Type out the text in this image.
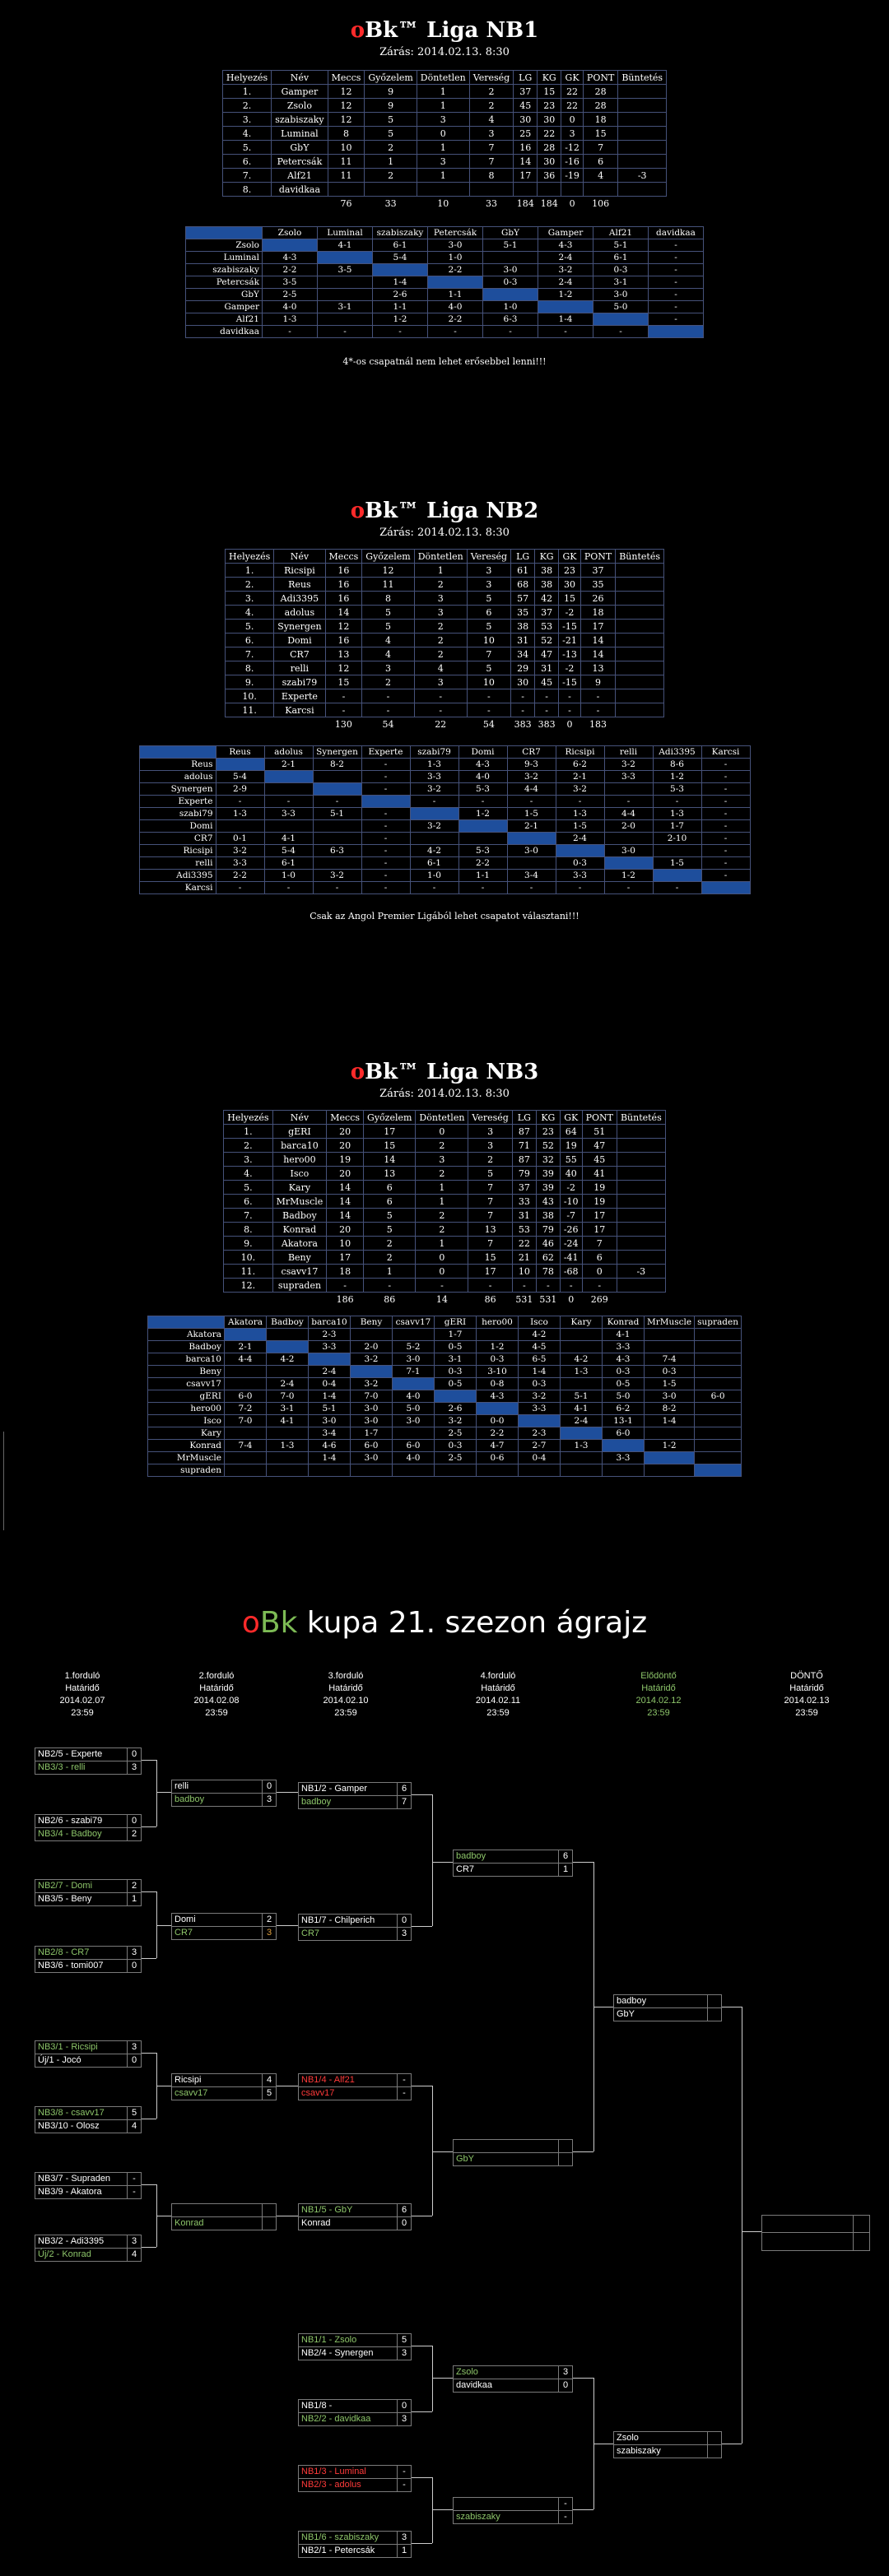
oBk™ Liga NB1
Zárás: 2014.02.13. 8:30
Helyezés	Név	Meccs	Győzelem	Döntetlen	Vereség	LG	KG	GK	PONT	Büntetés
1.	Gamper	12	9	1	2	37	15	22	28	
2.	Zsolo	12	9	1	2	45	23	22	28	
3.	szabiszaky	12	5	3	4	30	30	0	18	
4.	Luminal	8	5	0	3	25	22	3	15	
5.	GbY	10	2	1	7	16	28	-12	7	
6.	Petercsák	11	1	3	7	14	30	-16	6	
7.	Alf21	11	2	1	8	17	36	-19	4	-3
8.	davidkaa									
		76	33	10	33	184	184	0	106	
	Zsolo	Luminal	szabiszaky	Petercsák	GbY	Gamper	Alf21	davidkaa
Zsolo		4-1	6-1	3-0	5-1	4-3	5-1	-
Luminal	4-3		5-4	1-0		2-4	6-1	-
szabiszaky	2-2	3-5		2-2	3-0	3-2	0-3	-
Petercsák	3-5		1-4		0-3	2-4	3-1	-
GbY	2-5		2-6	1-1		1-2	3-0	-
Gamper	4-0	3-1	1-1	4-0	1-0		5-0	-
Alf21	1-3		1-2	2-2	6-3	1-4		-
davidkaa	-	-	-	-	-	-	-	
4*-os csapatnál nem lehet erősebbel lenni!!!
oBk™ Liga NB2
Zárás: 2014.02.13. 8:30
Helyezés	Név	Meccs	Győzelem	Döntetlen	Vereség	LG	KG	GK	PONT	Büntetés
1.	Ricsipi	16	12	1	3	61	38	23	37	
2.	Reus	16	11	2	3	68	38	30	35	
3.	Adi3395	16	8	3	5	57	42	15	26	
4.	adolus	14	5	3	6	35	37	-2	18	
5.	Synergen	12	5	2	5	38	53	-15	17	
6.	Domi	16	4	2	10	31	52	-21	14	
7.	CR7	13	4	2	7	34	47	-13	14	
8.	relli	12	3	4	5	29	31	-2	13	
9.	szabi79	15	2	3	10	30	45	-15	9	
10.	Experte	-	-	-	-	-	-	-	-	
11.	Karcsi	-	-	-	-	-	-	-	-	
		130	54	22	54	383	383	0	183	
	Reus	adolus	Synergen	Experte	szabi79	Domi	CR7	Ricsipi	relli	Adi3395	Karcsi
Reus		2-1	8-2	-	1-3	4-3	9-3	6-2	3-2	8-6	-
adolus	5-4			-	3-3	4-0	3-2	2-1	3-3	1-2	-
Synergen	2-9			-	3-2	5-3	4-4	3-2		5-3	-
Experte	-	-	-		-	-	-	-	-	-	-
szabi79	1-3	3-3	5-1	-		1-2	1-5	1-3	4-4	1-3	-
Domi				-	3-2		2-1	1-5	2-0	1-7	-
CR7	0-1	4-1		-				2-4		2-10	-
Ricsipi	3-2	5-4	6-3	-	4-2	5-3	3-0		3-0		-
relli	3-3	6-1		-	6-1	2-2		0-3		1-5	-
Adi3395	2-2	1-0	3-2	-	1-0	1-1	3-4	3-3	1-2		-
Karcsi	-	-	-	-	-	-	-	-	-	-	
Csak az Angol Premier Ligából lehet csapatot választani!!!
oBk™ Liga NB3
Zárás: 2014.02.13. 8:30
Helyezés	Név	Meccs	Győzelem	Döntetlen	Vereség	LG	KG	GK	PONT	Büntetés
1.	gERI	20	17	0	3	87	23	64	51	
2.	barca10	20	15	2	3	71	52	19	47	
3.	hero00	19	14	3	2	87	32	55	45	
4.	Isco	20	13	2	5	79	39	40	41	
5.	Kary	14	6	1	7	37	39	-2	19	
6.	MrMuscle	14	6	1	7	33	43	-10	19	
7.	Badboy	14	5	2	7	31	38	-7	17	
8.	Konrad	20	5	2	13	53	79	-26	17	
9.	Akatora	10	2	1	7	22	46	-24	7	
10.	Beny	17	2	0	15	21	62	-41	6	
11.	csavv17	18	1	0	17	10	78	-68	0	-3
12.	supraden	-	-	-	-	-	-	-	-	
		186	86	14	86	531	531	0	269	
	Akatora	Badboy	barca10	Beny	csavv17	gERI	hero00	Isco	Kary	Konrad	MrMuscle	supraden
Akatora			2-3			1-7		4-2		4-1		
Badboy	2-1		3-3	2-0	5-2	0-5	1-2	4-5		3-3		
barca10	4-4	4-2		3-2	3-0	3-1	0-3	6-5	4-2	4-3	7-4	
Beny			2-4		7-1	0-3	3-10	1-4	1-3	0-3	0-3	
csavv17		2-4	0-4	3-2		0-5	0-8	0-3		0-5	1-5	
gERI	6-0	7-0	1-4	7-0	4-0		4-3	3-2	5-1	5-0	3-0	6-0
hero00	7-2	3-1	5-1	3-0	5-0	2-6		3-3	4-1	6-2	8-2	
Isco	7-0	4-1	3-0	3-0	3-0	3-2	0-0		2-4	13-1	1-4	
Kary			3-4	1-7		2-5	2-2	2-3		6-0		
Konrad	7-4	1-3	4-6	6-0	6-0	0-3	4-7	2-7	1-3		1-2	
MrMuscle			1-4	3-0	4-0	2-5	0-6	0-4		3-3		
supraden												
oBk kupa 21. szezon ágrajz
1.forduló
Határidő
2014.02.07
23:59
2.forduló
Határidő
2014.02.08
23:59
3.forduló
Határidő
2014.02.10
23:59
4.forduló
Határidő
2014.02.11
23:59
Elődöntő
Határidő
2014.02.12
23:59
DÖNTŐ
Határidő
2014.02.13
23:59
NB2/5 - Experte	0
NB3/3 - relli	3
NB2/6 - szabi79	0
NB3/4 - Badboy	2
NB2/7 - Domi	2
NB3/5 - Beny	1
NB2/8 - CR7	3
NB3/6 - tomi007	0
NB3/1 - Ricsipi	3
Új/1 - Jocó	0
NB3/8 - csavv17	5
NB3/10 - Olosz	4
NB3/7 - Supraden	-
NB3/9 - Akatora	-
NB3/2 - Adi3395	3
Új/2 - Konrad	4
relli	0
badboy	3
Domi	2
CR7	3
Ricsipi	4
csavv17	5
Konrad
NB1/2 - Gamper	6
badboy	7
NB1/7 - Chilperich	0
CR7	3
NB1/4 - Alf21	-
csavv17	-
NB1/5 - GbY	6
Konrad	0
NB1/1 - Zsolo	5
NB2/4 - Synergen	3
NB1/8 -	0
NB2/2 - davidkaa	3
NB1/3 - Luminal	-
NB2/3 - adolus	-
NB1/6 - szabiszaky	3
NB2/1 - Petercsák	1
badboy	6
CR7	1
GbY
Zsolo	3
davidkaa	0
-
szabiszaky	-
badboy
GbY
Zsolo
szabiszaky
